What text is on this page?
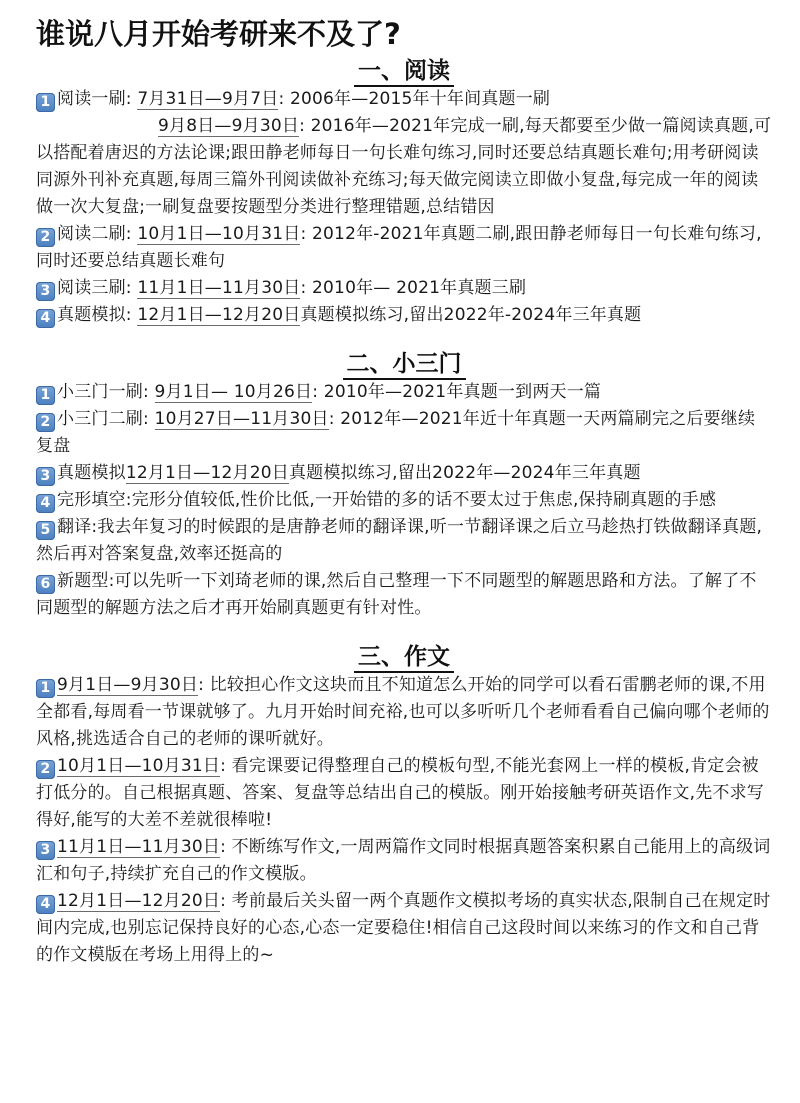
谁说八月开始考研来不及了?
一、阅读

1 阅读一刷: 7月31日—9月7日: 2006年—2015年十年间真题一刷

9月8日—9月30日: 2016年—2021年完成一刷,每天都要至少做一篇阅读真题,可以搭配着唐迟的方法论课;跟田静老师每日一句长难句练习,同时还要总结真题长难句;用考研阅读同源外刊补充真题,每周三篇外刊阅读做补充练习;每天做完阅读立即做小复盘,每完成一年的阅读做一次大复盘;一刷复盘要按题型分类进行整理错题,总结错因

2 阅读二刷: 10月1日—10月31日: 2012年-2021年真题二刷,跟田静老师每日一句长难句练习,同时还要总结真题长难句

3 阅读三刷: 11月1日—11月30日: 2010年— 2021年真题三刷

4 真题模拟: 12月1日—12月20日真题模拟练习,留出2022年-2024年三年真题

二、小三门

1 小三门一刷: 9月1日— 10月26日: 2010年—2021年真题一到两天一篇

2 小三门二刷: 10月27日—11月30日: 2012年—2021年近十年真题一天两篇刷完之后要继续复盘

3 真题模拟12月1日—12月20日真题模拟练习,留出2022年—2024年三年真题

4 完形填空:完形分值较低,性价比低,一开始错的多的话不要太过于焦虑,保持刷真题的手感

5 翻译:我去年复习的时候跟的是唐静老师的翻译课,听一节翻译课之后立马趁热打铁做翻译真题,然后再对答案复盘,效率还挺高的

6 新题型:可以先听一下刘琦老师的课,然后自己整理一下不同题型的解题思路和方法。了解了不同题型的解题方法之后才再开始刷真题更有针对性。

三、作文

1 9月1日—9月30日: 比较担心作文这块而且不知道怎么开始的同学可以看石雷鹏老师的课,不用全都看,每周看一节课就够了。九月开始时间充裕,也可以多听听几个老师看看自己偏向哪个老师的风格,挑选适合自己的老师的课听就好。

2 10月1日—10月31日: 看完课要记得整理自己的模板句型,不能光套网上一样的模板,肯定会被打低分的。自己根据真题、答案、复盘等总结出自己的模版。刚开始接触考研英语作文,先不求写得好,能写的大差不差就很棒啦!

3 11月1日—11月30日: 不断练写作文,一周两篇作文同时根据真题答案积累自己能用上的高级词汇和句子,持续扩充自己的作文模版。

4 12月1日—12月20日: 考前最后关头留一两个真题作文模拟考场的真实状态,限制自己在规定时间内完成,也别忘记保持良好的心态,心态一定要稳住!相信自己这段时间以来练习的作文和自己背的作文模版在考场上用得上的~
